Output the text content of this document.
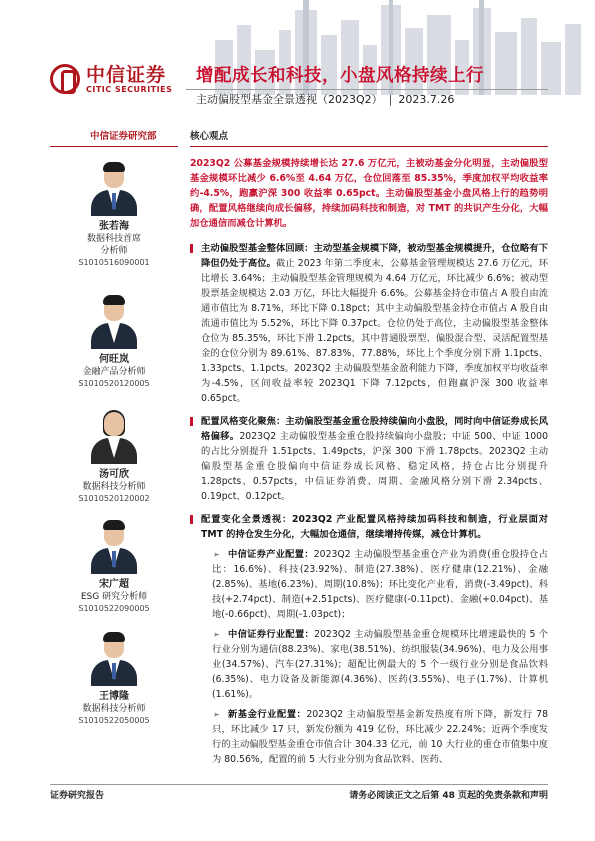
中信证券
CITIC SECURITIES
增配成长和科技，小盘风格持续上行
主动偏股型基金全景透视（2023Q2） | 2023.7.26
中信证券研究部
张若海
数据科技首席
分析师
S1010516090001
何旺岚
金融产品分析师
S1010520120005
汤可欣
数据科技分析师
S1010520120002
宋广超
ESG 研究分析师
S1010522090005
王博隆
数据科技分析师
S1010522050005
核心观点
2023Q2 公募基金规模持续增长达 27.6 万亿元，主被动基金分化明显，主动偏股型基金规模环比减少 6.6%至 4.64 万亿，仓位回落至 85.35%，季度加权平均收益率约-4.5%，跑赢沪深 300 收益率 0.65pct。主动偏股型基金小盘风格上行的趋势明确，配置风格继续向成长偏移，持续加码科技和制造，对 TMT 的共识产生分化，大幅加仓通信而减仓计算机。
主动偏股型基金整体回顾：主动型基金规模下降，被动型基金规模提升，仓位略有下降但仍处于高位。截止 2023 年第二季度末，公募基金管理规模达 27.6 万亿元，环比增长 3.64%；主动偏股型基金管理规模为 4.64 万亿元，环比减少 6.6%；被动型股票基金规模达 2.03 万亿，环比大幅提升 6.6%。公募基金持仓市值占 A 股自由流通市值比为 8.71%，环比下降 0.18pct；其中主动偏股型基金持仓市值占 A 股自由流通市值比为 5.52%，环比下降 0.37pct。仓位仍处于高位，主动偏股型基金整体仓位为 85.35%，环比下滑 1.2pcts，其中普通股票型、偏股混合型、灵活配置型基金的仓位分别为 89.61%、87.83%、77.88%，环比上个季度分别下滑 1.1pcts、1.33pcts、1.1pcts。2023Q2 主动偏股型基金盈利能力下降，季度加权平均收益率为-4.5%，区间收益率较 2023Q1 下降 7.12pcts，但跑赢沪深 300 收益率 0.65pct。
配置风格变化聚焦：主动偏股型基金重仓股持续偏向小盘股，同时向中信证券成长风格偏移。2023Q2 主动偏股型基金重仓股持续偏向小盘股；中证 500、中证 1000 的占比分别提升 1.51pcts、1.49pcts，沪深 300 下滑 1.78pcts。2023Q2 主动偏股型基金重仓股偏向中信证券成长风格、稳定风格，持仓占比分别提升 1.28pcts、0.57pcts，中信证券消费、周期、金融风格分别下滑 2.34pcts、0.19pct、0.12pct。
配置变化全景透视：2023Q2 产业配置风格持续加码科技和制造，行业层面对 TMT 的持仓发生分化，大幅加仓通信，继续增持传媒，减仓计算机。
➢ 中信证券产业配置：2023Q2 主动偏股型基金重仓产业为消费(重仓股持仓占比：16.6%)、科技(23.92%)、制造(27.38%)、医疗健康(12.21%)、金融(2.85%)、基地(6.23%)、周期(10.8%)；环比变化产业看，消费(-3.49pct)、科技(+2.74pct)、制造(+2.51pcts)、医疗健康(-0.11pct)、金融(+0.04pct)、基地(-0.66pct)、周期(-1.03pct)；
➢ 中信证券行业配置：2023Q2 主动偏股型基金重仓规模环比增速最快的 5 个行业分别为通信(88.23%)、家电(38.51%)、纺织服装(34.96%)、电力及公用事业(34.57%)、汽车(27.31%)；超配比例最大的 5 个一级行业分别是食品饮料(6.35%)、电力设备及新能源(4.36%)、医药(3.55%)、电子(1.7%)、计算机(1.61%)。
➢ 新基金行业配置：2023Q2 主动偏股型基金新发热度有所下降，新发行 78 只，环比减少 17 只，新发份额为 419 亿份，环比减少 22.24%；近两个季度发行的主动偏股型基金重仓市值合计 304.33 亿元，前 10 大行业的重仓市值集中度为 80.56%，配置的前 5 大行业分别为食品饮料、医药、
证券研究报告	请务必阅读正文之后第 48 页起的免责条款和声明
